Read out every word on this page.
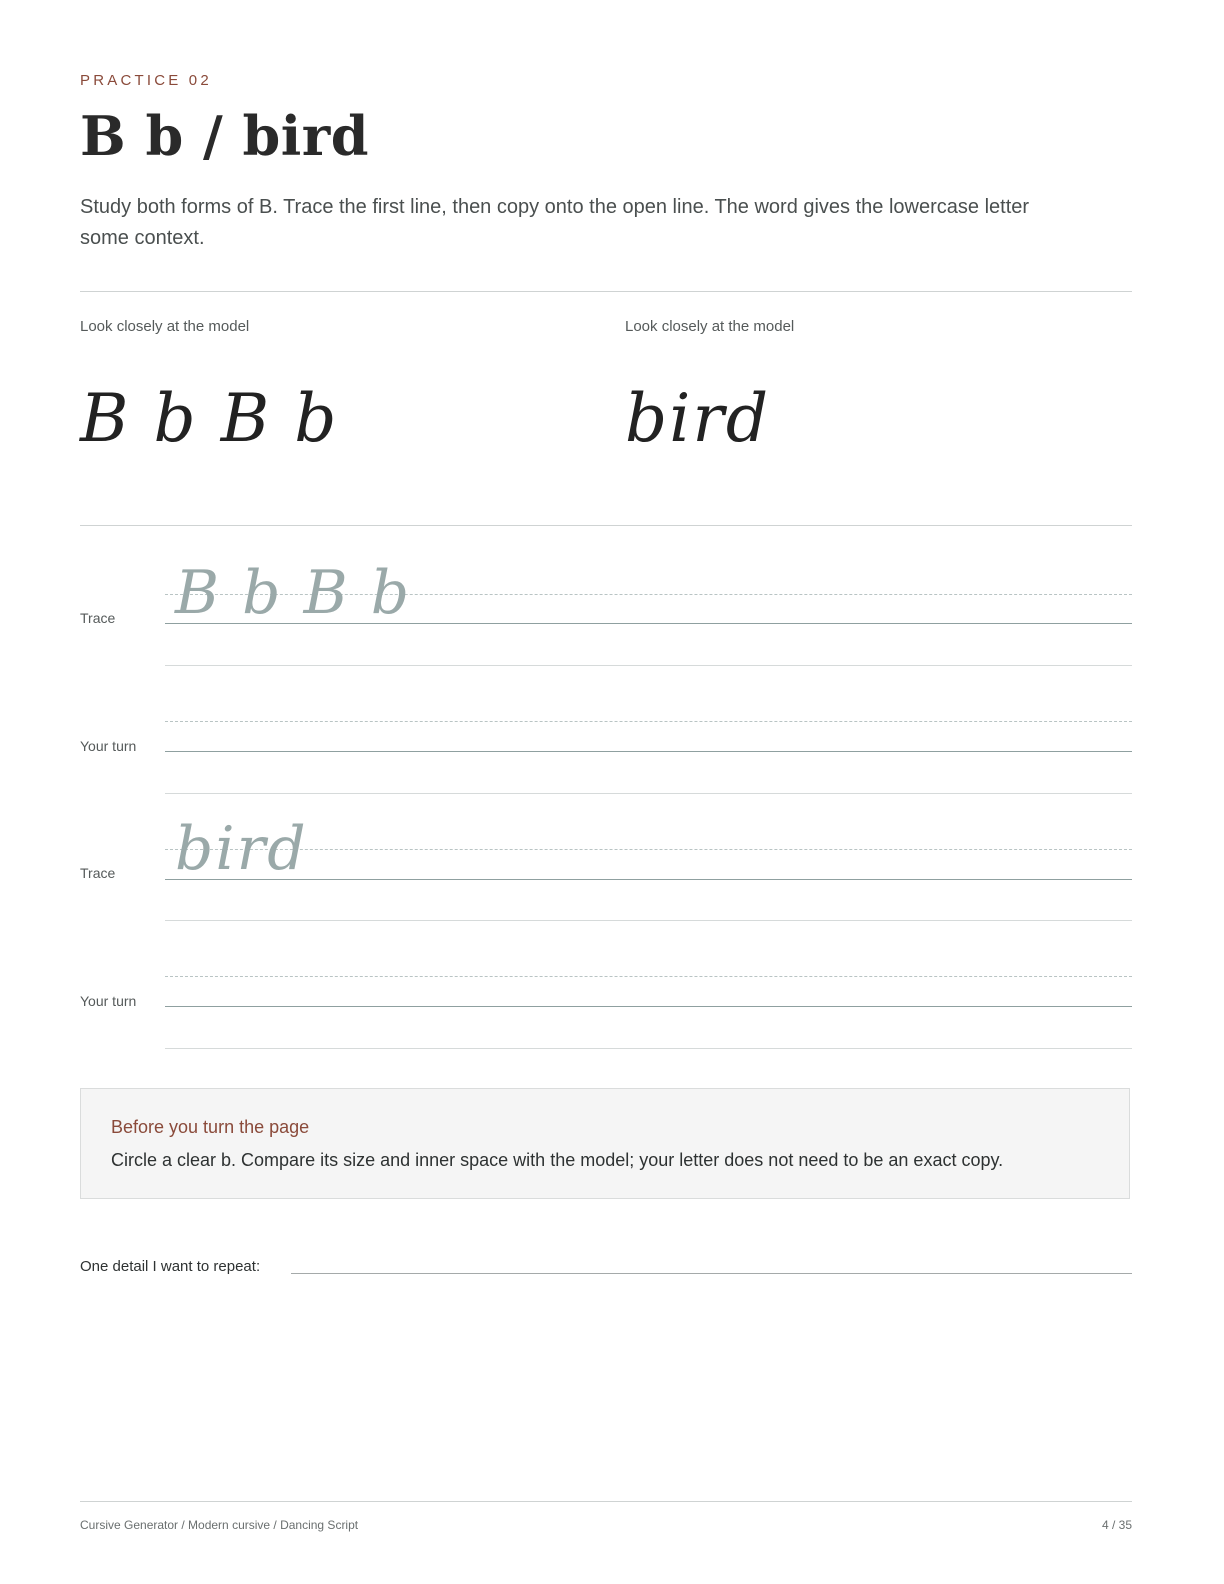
PRACTICE 02
B b / bird
Study both forms of B. Trace the first line, then copy onto the open line. The word gives the lowercase letter some context.
Look closely at the model	Look closely at the model
B b B b	bird
Trace B b B b
Your turn
Trace bird
Your turn
Before you turn the page
Circle a clear b. Compare its size and inner space with the model; your letter does not need to be an exact copy.
One detail I want to repeat:
Cursive Generator / Modern cursive / Dancing Script	4 / 35
